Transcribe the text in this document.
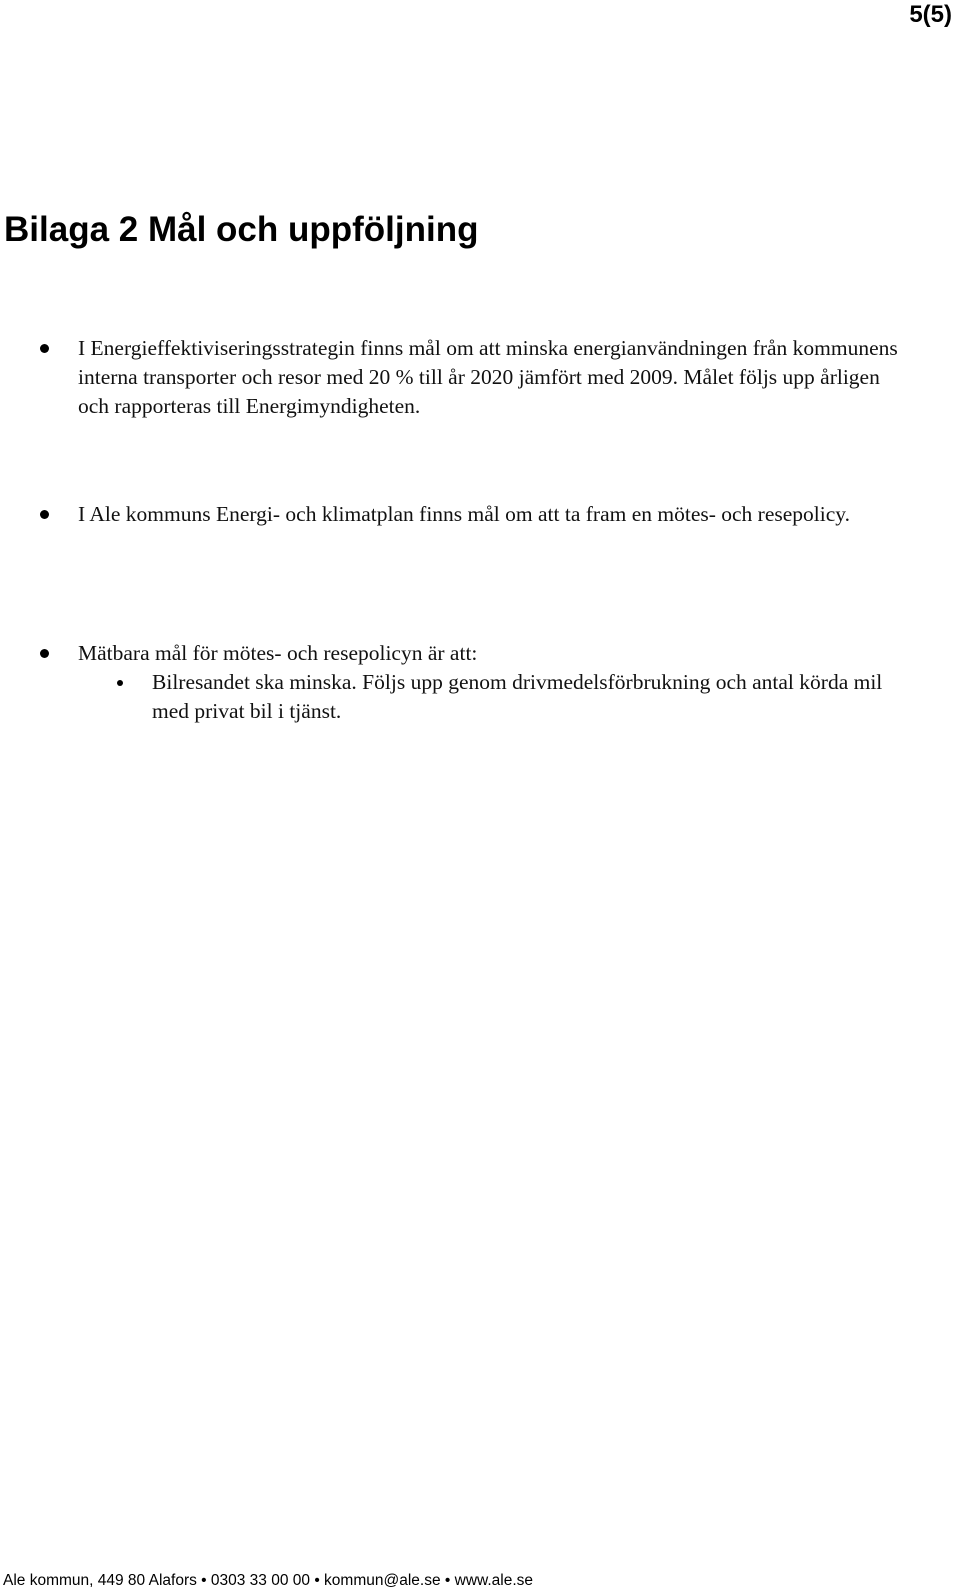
5(5)
Bilaga 2 Mål och uppföljning
I Energieffektiviseringsstrategin finns mål om att minska energianvändningen från kommunens interna transporter och resor med 20 % till år 2020 jämfört med 2009. Målet följs upp årligen och rapporteras till Energimyndigheten.
I Ale kommuns Energi- och klimatplan finns mål om att ta fram en mötes- och resepolicy.
Mätbara mål för mötes- och resepolicyn är att:
Bilresandet ska minska. Följs upp genom drivmedelsförbrukning och antal körda mil med privat bil i tjänst.
Ale kommun, 449 80 Alafors • 0303 33 00 00 • kommun@ale.se • www.ale.se
